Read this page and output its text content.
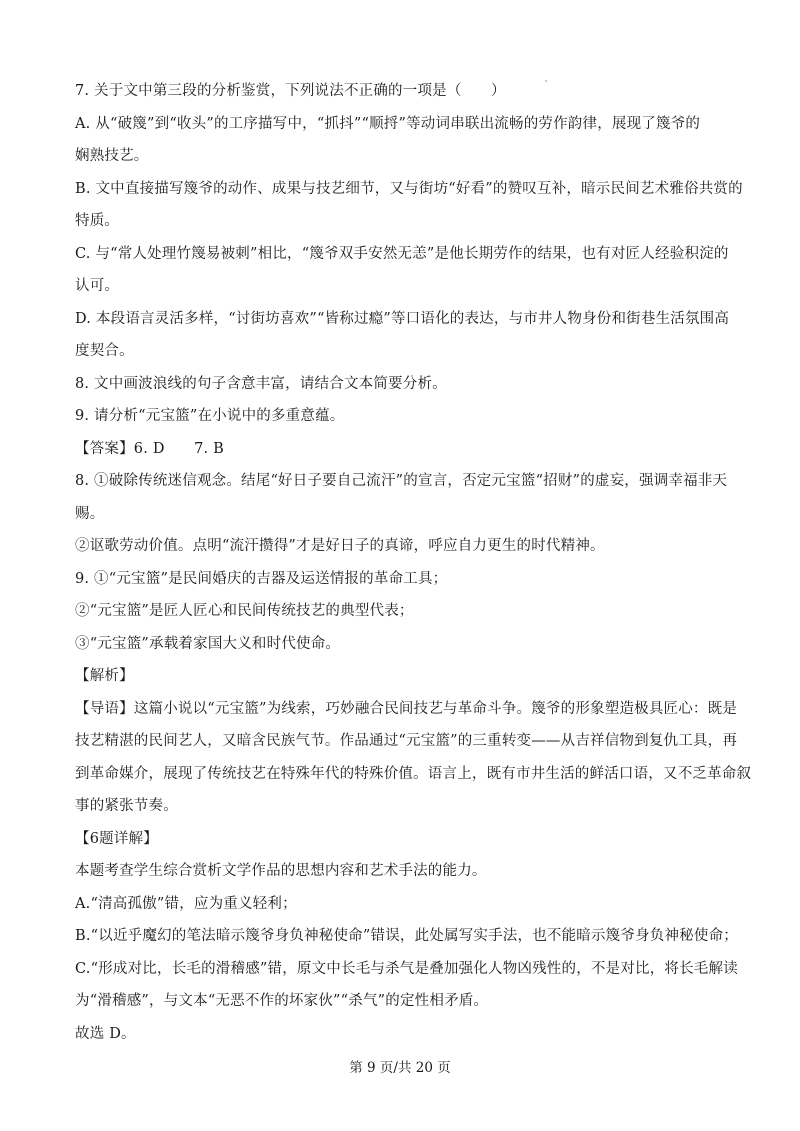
7. 关于文中第三段的分析鉴赏，下列说法不正确的一项是（　　）
A. 从“破篾”到“收头”的工序描写中，“抓抖”“顺捋”等动词串联出流畅的劳作韵律，展现了篾爷的
娴熟技艺。
B. 文中直接描写篾爷的动作、成果与技艺细节，又与街坊“好看”的赞叹互补，暗示民间艺术雅俗共赏的
特质。
C. 与“常人处理竹篾易被刺”相比，“篾爷双手安然无恙”是他长期劳作的结果，也有对匠人经验积淀的
认可。
D. 本段语言灵活多样，“讨街坊喜欢”“皆称过瘾”等口语化的表达，与市井人物身份和街巷生活氛围高
度契合。
8. 文中画波浪线的句子含意丰富，请结合文本简要分析。
9. 请分析“元宝篮”在小说中的多重意蕴。
【答案】6. D　　7. B
8. ①破除传统迷信观念。结尾“好日子要自己流汗”的宣言，否定元宝篮“招财”的虚妄，强调幸福非天
赐。
②讴歌劳动价值。点明“流汗攒得”才是好日子的真谛，呼应自力更生的时代精神。
9. ①“元宝篮”是民间婚庆的吉器及运送情报的革命工具；
②“元宝篮”是匠人匠心和民间传统技艺的典型代表；
③“元宝篮”承载着家国大义和时代使命。
【解析】
【导语】这篇小说以“元宝篮”为线索，巧妙融合民间技艺与革命斗争。篾爷的形象塑造极具匠心：既是
技艺精湛的民间艺人，又暗含民族气节。作品通过“元宝篮”的三重转变——从吉祥信物到复仇工具，再
到革命媒介，展现了传统技艺在特殊年代的特殊价值。语言上，既有市井生活的鲜活口语，又不乏革命叙
事的紧张节奏。
【6题详解】
本题考查学生综合赏析文学作品的思想内容和艺术手法的能力。
A.“清高孤傲”错，应为重义轻利；
B.“以近乎魔幻的笔法暗示篾爷身负神秘使命”错误，此处属写实手法，也不能暗示篾爷身负神秘使命；
C.“形成对比，长毛的滑稽感”错，原文中长毛与杀气是叠加强化人物凶残性的，不是对比，将长毛解读
为“滑稽感”，与文本“无恶不作的坏家伙”“杀气”的定性相矛盾。
故选 D。
第 9 页/共 20 页
